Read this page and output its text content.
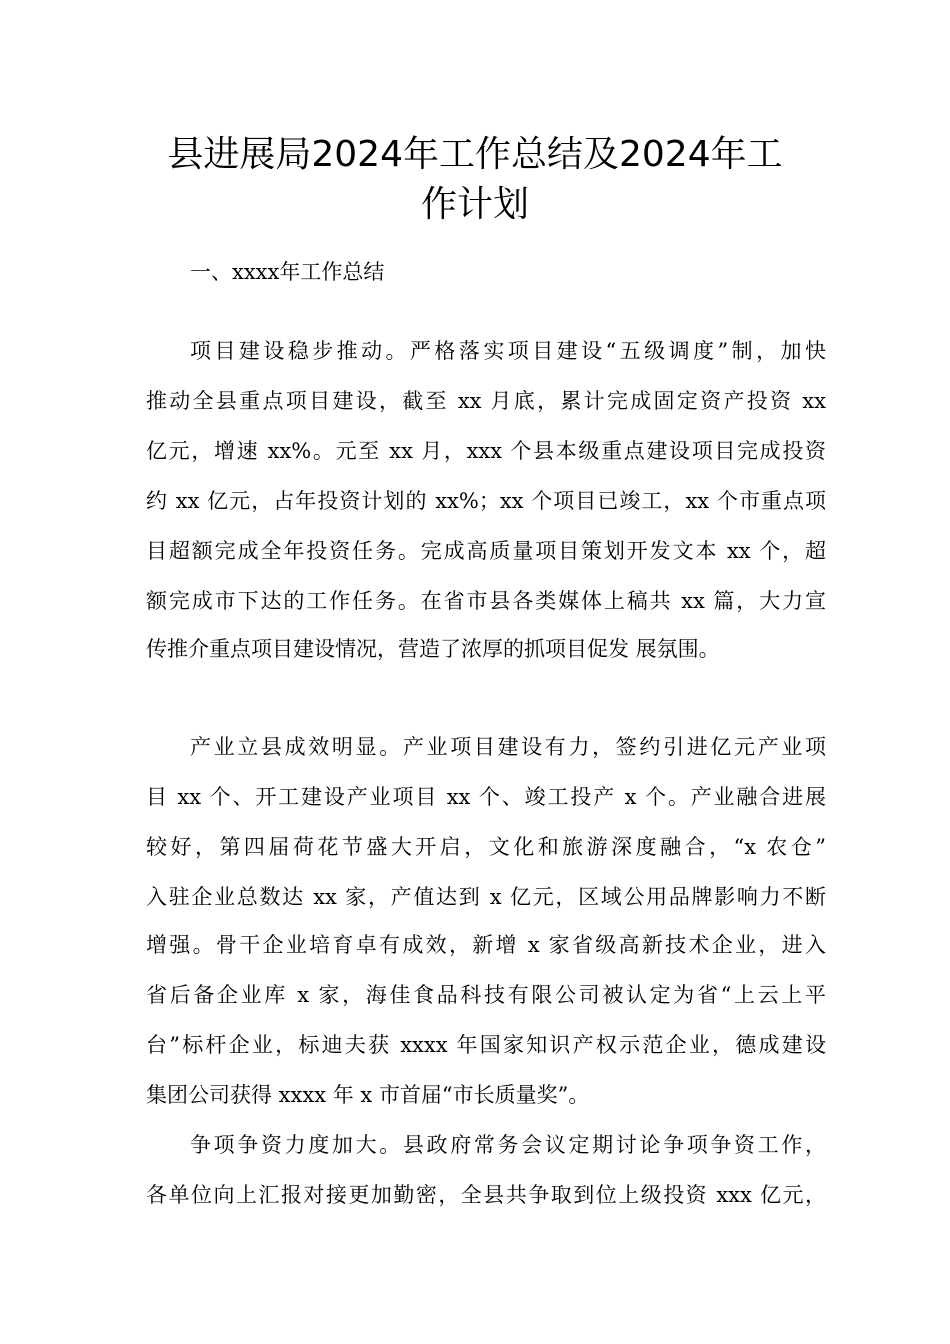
县进展局2024年工作总结及2024年工
作计划
一、xxxx年工作总结
项目建设稳步推动。严格落实项目建设“五级调度”制，加快
推动全县重点项目建设，截至 xx 月底，累计完成固定资产投资 xx
亿元，增速 xx%。元至 xx 月，xxx 个县本级重点建设项目完成投资
约 xx 亿元，占年投资计划的 xx%；xx 个项目已竣工，xx 个市重点项
目超额完成全年投资任务。完成高质量项目策划开发文本 xx 个，超
额完成市下达的工作任务。在省市县各类媒体上稿共 xx 篇，大力宣
传推介重点项目建设情况，营造了浓厚的抓项目促发 展氛围。
产业立县成效明显。产业项目建设有力，签约引进亿元产业项
目 xx 个、开工建设产业项目 xx 个、竣工投产 x 个。产业融合进展
较好，第四届荷花节盛大开启，文化和旅游深度融合，“x 农仓”
入驻企业总数达 xx 家，产值达到 x 亿元，区域公用品牌影响力不断
增强。骨干企业培育卓有成效，新增 x 家省级高新技术企业，进入
省后备企业库 x 家，海佳食品科技有限公司被认定为省“上云上平
台”标杆企业，标迪夫获 xxxx 年国家知识产权示范企业，德成建设
集团公司获得 xxxx 年 x 市首届“市长质量奖”。
争项争资力度加大。县政府常务会议定期讨论争项争资工作，
各单位向上汇报对接更加勤密，全县共争取到位上级投资 xxx 亿元，
